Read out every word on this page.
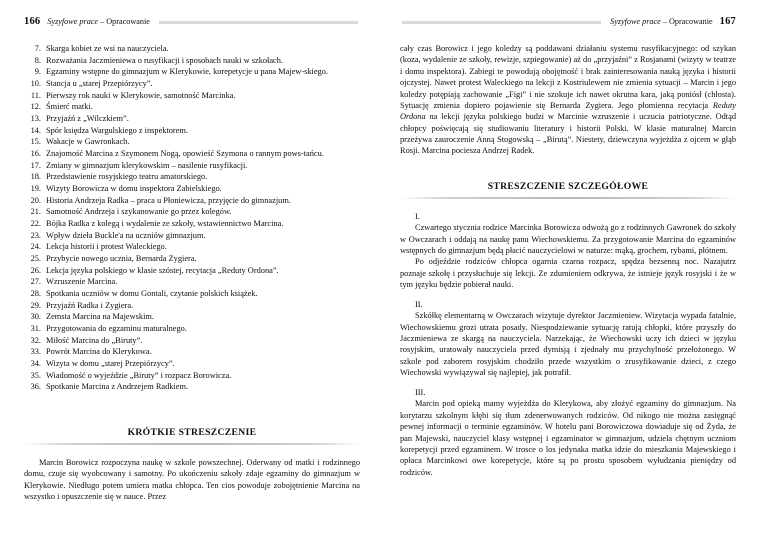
166 Syzyfowe prace – Opracowanie
7. Skarga kobiet ze wsi na nauczyciela.
8. Rozważania Jaczmieniewa o rusyfikacji i sposobach nauki w szkołach.
9. Egzaminy wstępne do gimnazjum w Klerykowie, korepetycje u pana Majew-skiego.
10. Stancja u „starej Przepiórzycy”.
11. Pierwszy rok nauki w Klerykowie, samotność Marcinka.
12. Śmierć matki.
13. Przyjaźń z „Wilczkiem”.
14. Spór księdza Wargulskiego z inspektorem.
15. Wakacje w Gawronkach.
16. Znajomość Marcina z Szymonem Nogą, opowieść Szymona o rannym pows-tańcu.
17. Zmiany w gimnazjum klerykowskim – nasilenie rusyfikacji.
18. Przedstawienie rosyjskiego teatru amatorskiego.
19. Wizyty Borowicza w domu inspektora Zabielskiego.
20. Historia Andrzeja Radka – praca u Płoniewicza, przyjęcie do gimnazjum.
21. Samotność Andrzeja i szykanowanie go przez kolegów.
22. Bójka Radka z kolegą i wydalenie ze szkoły, wstawiennictwo Marcina.
23. Wpływ dzieła Buckle'a na uczniów gimnazjum.
24. Lekcja historii i protest Waleckiego.
25. Przybycie nowego ucznia, Bernarda Zygiera.
26. Lekcja języka polskiego w klasie szóstej, recytacja „Reduty Ordona”.
27. Wzruszenie Marcina.
28. Spotkania uczniów w domu Gontali, czytanie polskich książek.
29. Przyjaźń Radka i Zygiera.
30. Zemsta Marcina na Majewskim.
31. Przygotowania do egzaminu maturalnego.
32. Miłość Marcina do „Biruty”.
33. Powrót Marcina do Klerykowa.
34. Wizyta w domu „starej Przepiórzycy”.
35. Wiadomość o wyjeździe „Biruty” i rozpacz Borowicza.
36. Spotkanie Marcina z Andrzejem Radkiem.
KRÓTKIE STRESZCZENIE

Marcin Borowicz rozpoczyna naukę w szkole powszechnej. Oderwany od matki i rodzinnego domu, czuje się wyobcowany i samotny. Po ukończeniu szkoły zdaje egzaminy do gimnazjum w Klerykowie. Niedługo potem umiera matka chłopca. Ten cios powoduje zobojętnienie Marcina na wszystko i opuszczenie się w nauce. Przez

Syzyfowe prace – Opracowanie 167

cały czas Borowicz i jego koledzy są poddawani działaniu systemu rusyfikacyjnego: od szykan (koza, wydalenie ze szkoły, rewizje, szpiegowanie) aż do „przyjaźni” z Rosjanami (wizyty w teatrze i domu inspektora). Zabiegi te powodują obojętność i brak zainteresowania nauką języka i historii ojczystej. Nawet protest Waleckiego na lekcji z Kostriulewem nie zmienia sytuacji – Marcin i jego koledzy potępiają zachowanie „Figi” i nie szokuje ich nawet okrutna kara, jaką poniósł (chłosta). Sytuację zmienia dopiero pojawienie się Bernarda Zygiera. Jego płomienna recytacja Reduty Ordona na lekcji języka polskiego budzi w Marcinie wzruszenie i uczucia patriotyczne. Odtąd chłopcy poświęcają się studiowaniu literatury i historii Polski. W klasie maturalnej Marcin przeżywa zauroczenie Anną Stogowską – „Birutą”. Niestety, dziewczyna wyjeżdża z ojcem w głąb Rosji. Marcina pociesza Andrzej Radek.

STRESZCZENIE SZCZEGÓŁOWE
I.

Czwartego stycznia rodzice Marcinka Borowicza odwożą go z rodzinnych Gawronek do szkoły w Owczarach i oddają na naukę panu Wiechowskiemu. Za przygotowanie Marcina do egzaminów wstępnych do gimnazjum będą płacić nauczycielowi w naturze: mąką, grochem, rybami, płótnem.

Po odjeździe rodziców chłopca ogarnia czarna rozpacz, spędza bezsenną noc. Nazajutrz poznaje szkołę i przysłuchuje się lekcji. Ze zdumieniem odkrywa, że istnieje język rosyjski i że w tym języku będzie pobierał nauki.

II.

Szkółkę elementarną w Owczarach wizytuje dyrektor Jaczmieniew. Wizytacja wypada fatalnie, Wiechowskiemu grozi utrata posady. Niespodziewanie sytuację ratują chłopki, które przyszły do Jaczmieniewa ze skargą na nauczyciela. Narzekając, że Wiechowski uczy ich dzieci w języku rosyjskim, uratowały nauczyciela przed dymisją i zjednały mu przychylność przełożonego. W szkole pod zaborem rosyjskim chodziło przede wszystkim o zrusyfikowanie dzieci, z czego Wiechowski wywiązywał się najlepiej, jak potrafił.

III.

Marcin pod opieką mamy wyjeżdża do Klerykowa, aby złożyć egzaminy do gimnazjum. Na korytarzu szkolnym kłębi się tłum zdenerwowanych rodziców. Od nikogo nie można zasięgnąć pewnej informacji o terminie egzaminów. W hotelu pani Borowiczowa dowiaduje się od Żyda, że pan Majewski, nauczyciel klasy wstępnej i egzaminator w gimnazjum, udziela chętnym uczniom korepetycji przed egzaminem. W trosce o los jedynaka matka idzie do mieszkania Majewskiego i opłaca Marcinkowi owe korepetycje, które są po prostu sposobem wyłudzania pieniędzy od rodziców.
